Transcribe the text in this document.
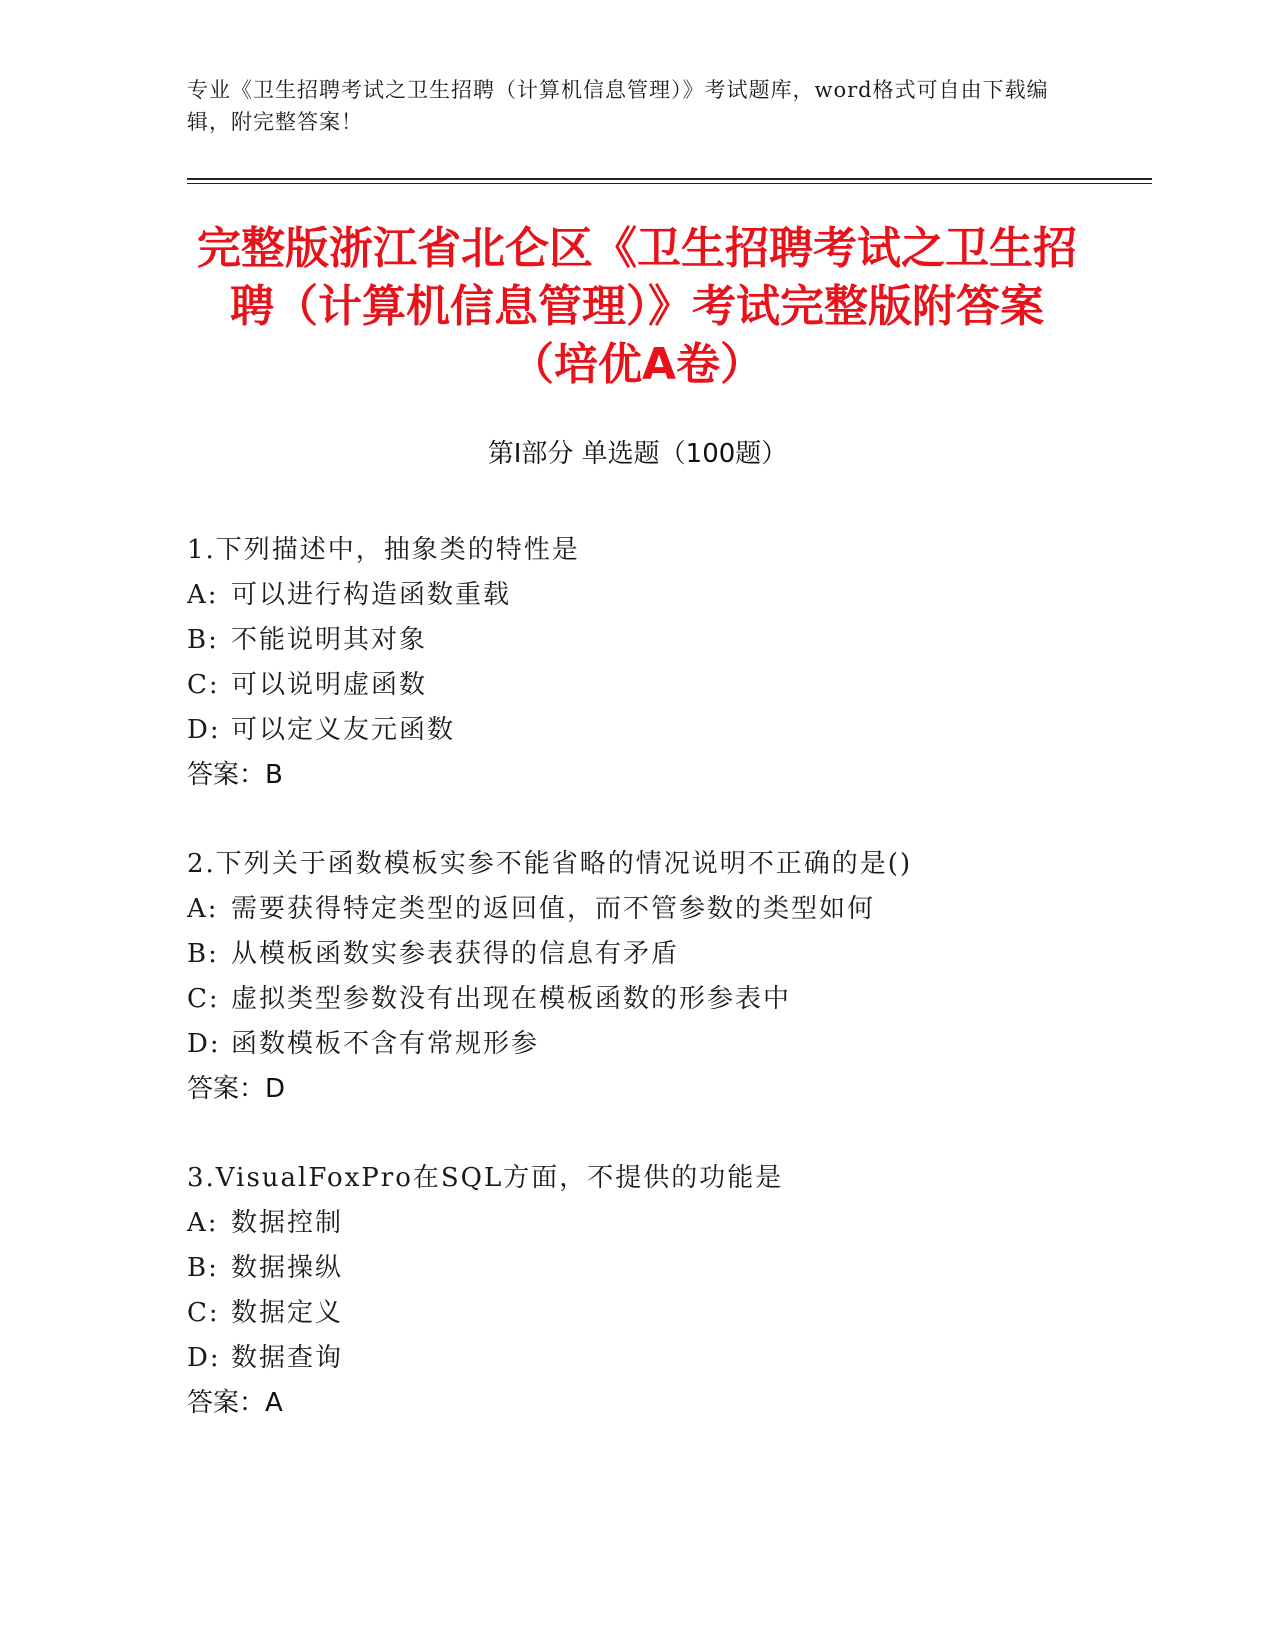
专业《卫生招聘考试之卫生招聘（计算机信息管理）》考试题库，word格式可自由下载编辑，附完整答案！
完整版浙江省北仑区《卫生招聘考试之卫生招聘（计算机信息管理）》考试完整版附答案（培优A卷）
第Ⅰ部分 单选题（100题）
1.下列描述中，抽象类的特性是
A: 可以进行构造函数重载
B: 不能说明其对象
C: 可以说明虚函数
D: 可以定义友元函数
答案：B
2.下列关于函数模板实参不能省略的情况说明不正确的是()
A: 需要获得特定类型的返回值，而不管参数的类型如何
B: 从模板函数实参表获得的信息有矛盾
C: 虚拟类型参数没有出现在模板函数的形参表中
D: 函数模板不含有常规形参
答案：D
3.VisualFoxPro在SQL方面，不提供的功能是
A: 数据控制
B: 数据操纵
C: 数据定义
D: 数据查询
答案：A
